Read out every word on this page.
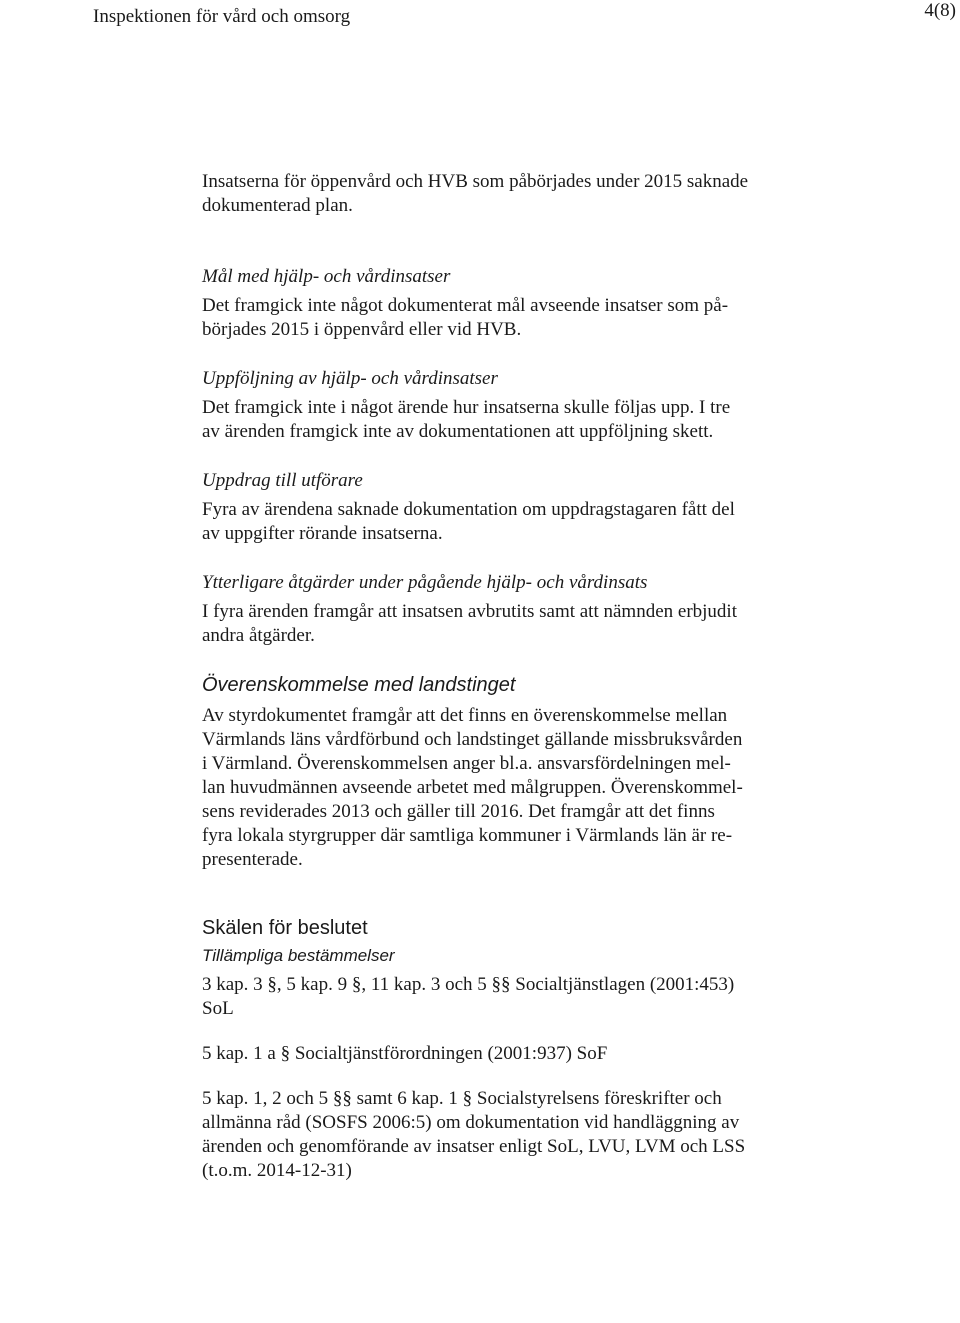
Inspektionen för vård och omsorg	4(8)

Insatserna för öppenvård och HVB som påbörjades under 2015 saknade
dokumenterad plan.

Mål med hjälp- och vårdinsatser

Det framgick inte något dokumenterat mål avseende insatser som på-
börjades 2015 i öppenvård eller vid HVB.

Uppföljning av hjälp- och vårdinsatser

Det framgick inte i något ärende hur insatserna skulle följas upp. I tre
av ärenden framgick inte av dokumentationen att uppföljning skett.

Uppdrag till utförare

Fyra av ärendena saknade dokumentation om uppdragstagaren fått del
av uppgifter rörande insatserna.

Ytterligare åtgärder under pågående hjälp- och vårdinsats

I fyra ärenden framgår att insatsen avbrutits samt att nämnden erbjudit
andra åtgärder.

Överenskommelse med landstinget

Av styrdokumentet framgår att det finns en överenskommelse mellan
Värmlands läns vårdförbund och landstinget gällande missbruksvården
i Värmland. Överenskommelsen anger bl.a. ansvarsfördelningen mel-
lan huvudmännen avseende arbetet med målgruppen. Överenskommel-
sens reviderades 2013 och gäller till 2016. Det framgår att det finns
fyra lokala styrgrupper där samtliga kommuner i Värmlands län är re-
presenterade.

Skälen för beslutet

Tillämpliga bestämmelser

3 kap. 3 §, 5 kap. 9 §, 11 kap. 3 och 5 §§ Socialtjänstlagen (2001:453)
SoL

5 kap. 1 a § Socialtjänstförordningen (2001:937) SoF

5 kap. 1, 2 och 5 §§ samt 6 kap. 1 § Socialstyrelsens föreskrifter och
allmänna råd (SOSFS 2006:5) om dokumentation vid handläggning av
ärenden och genomförande av insatser enligt SoL, LVU, LVM och LSS
(t.o.m. 2014-12-31)
